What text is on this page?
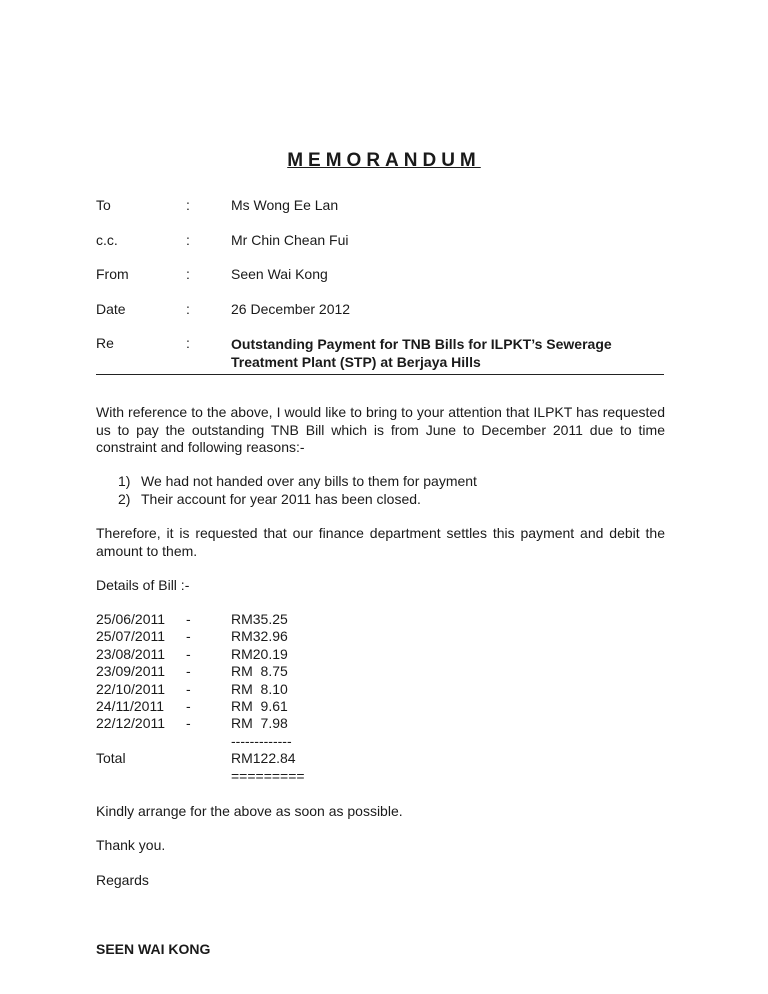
MEMORANDUM
To	:	Ms Wong Ee Lan
c.c.	:	Mr Chin Chean Fui
From	:	Seen Wai Kong
Date	:	26 December 2012
Re	:	Outstanding Payment for TNB Bills for ILPKT’s Sewerage Treatment Plant (STP) at Berjaya Hills
With reference to the above, I would like to bring to your attention that ILPKT has requested us to pay the outstanding TNB Bill which is from June to December 2011 due to time constraint and following reasons:-
1) We had not handed over any bills to them for payment
2) Their account for year 2011 has been closed.
Therefore, it is requested that our finance department settles this payment and debit the amount to them.
Details of Bill :-
25/06/2011 -	RM35.25
25/07/2011 -	RM32.96
23/08/2011 -	RM20.19
23/09/2011 -	RM  8.75
22/10/2011 -	RM  8.10
24/11/2011 -	RM  9.61
22/12/2011 -	RM  7.98
-------------
Total	RM122.84
=========
Kindly arrange for the above as soon as possible.
Thank you.
Regards
SEEN WAI KONG
